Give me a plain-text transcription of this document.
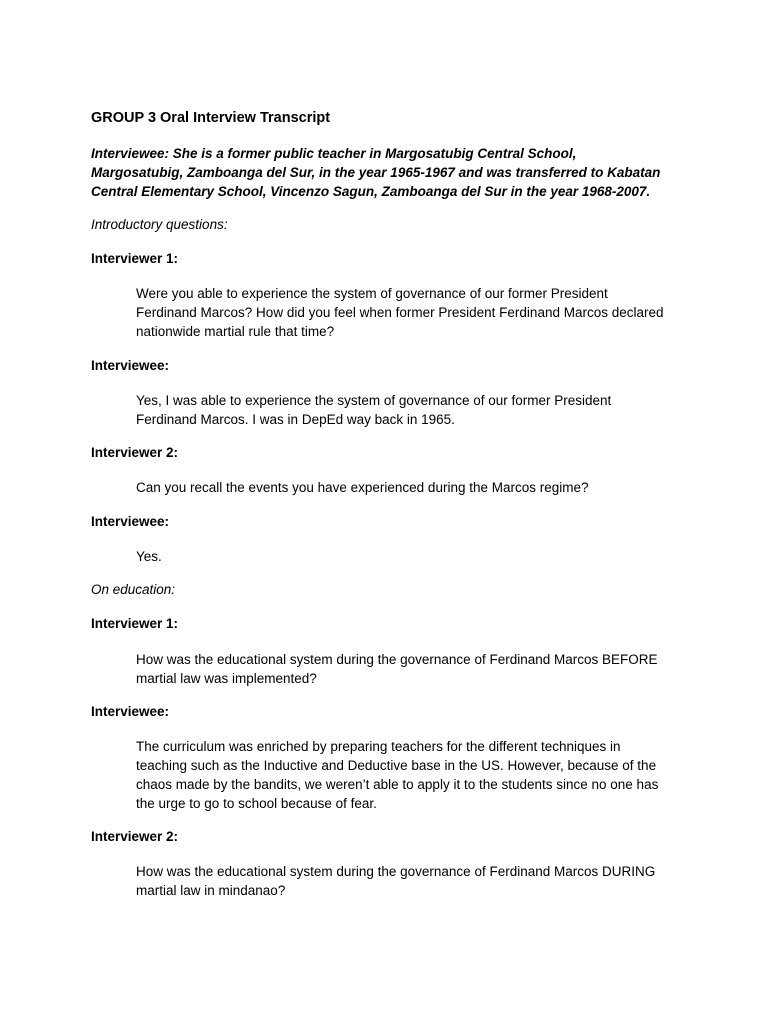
GROUP 3 Oral Interview Transcript
Interviewee: She is a former public teacher in Margosatubig Central School,
Margosatubig, Zamboanga del Sur, in the year 1965-1967 and was transferred to Kabatan
Central Elementary School, Vincenzo Sagun, Zamboanga del Sur in the year 1968-2007.
Introductory questions:
Interviewer 1:
Were you able to experience the system of governance of our former President
Ferdinand Marcos? How did you feel when former President Ferdinand Marcos declared
nationwide martial rule that time?
Interviewee:
Yes, I was able to experience the system of governance of our former President
Ferdinand Marcos. I was in DepEd way back in 1965.
Interviewer 2:
Can you recall the events you have experienced during the Marcos regime?
Interviewee:
Yes.
On education:
Interviewer 1:
How was the educational system during the governance of Ferdinand Marcos BEFORE
martial law was implemented?
Interviewee:
The curriculum was enriched by preparing teachers for the different techniques in
teaching such as the Inductive and Deductive base in the US. However, because of the
chaos made by the bandits, we weren’t able to apply it to the students since no one has
the urge to go to school because of fear.
Interviewer 2:
How was the educational system during the governance of Ferdinand Marcos DURING
martial law in mindanao?
